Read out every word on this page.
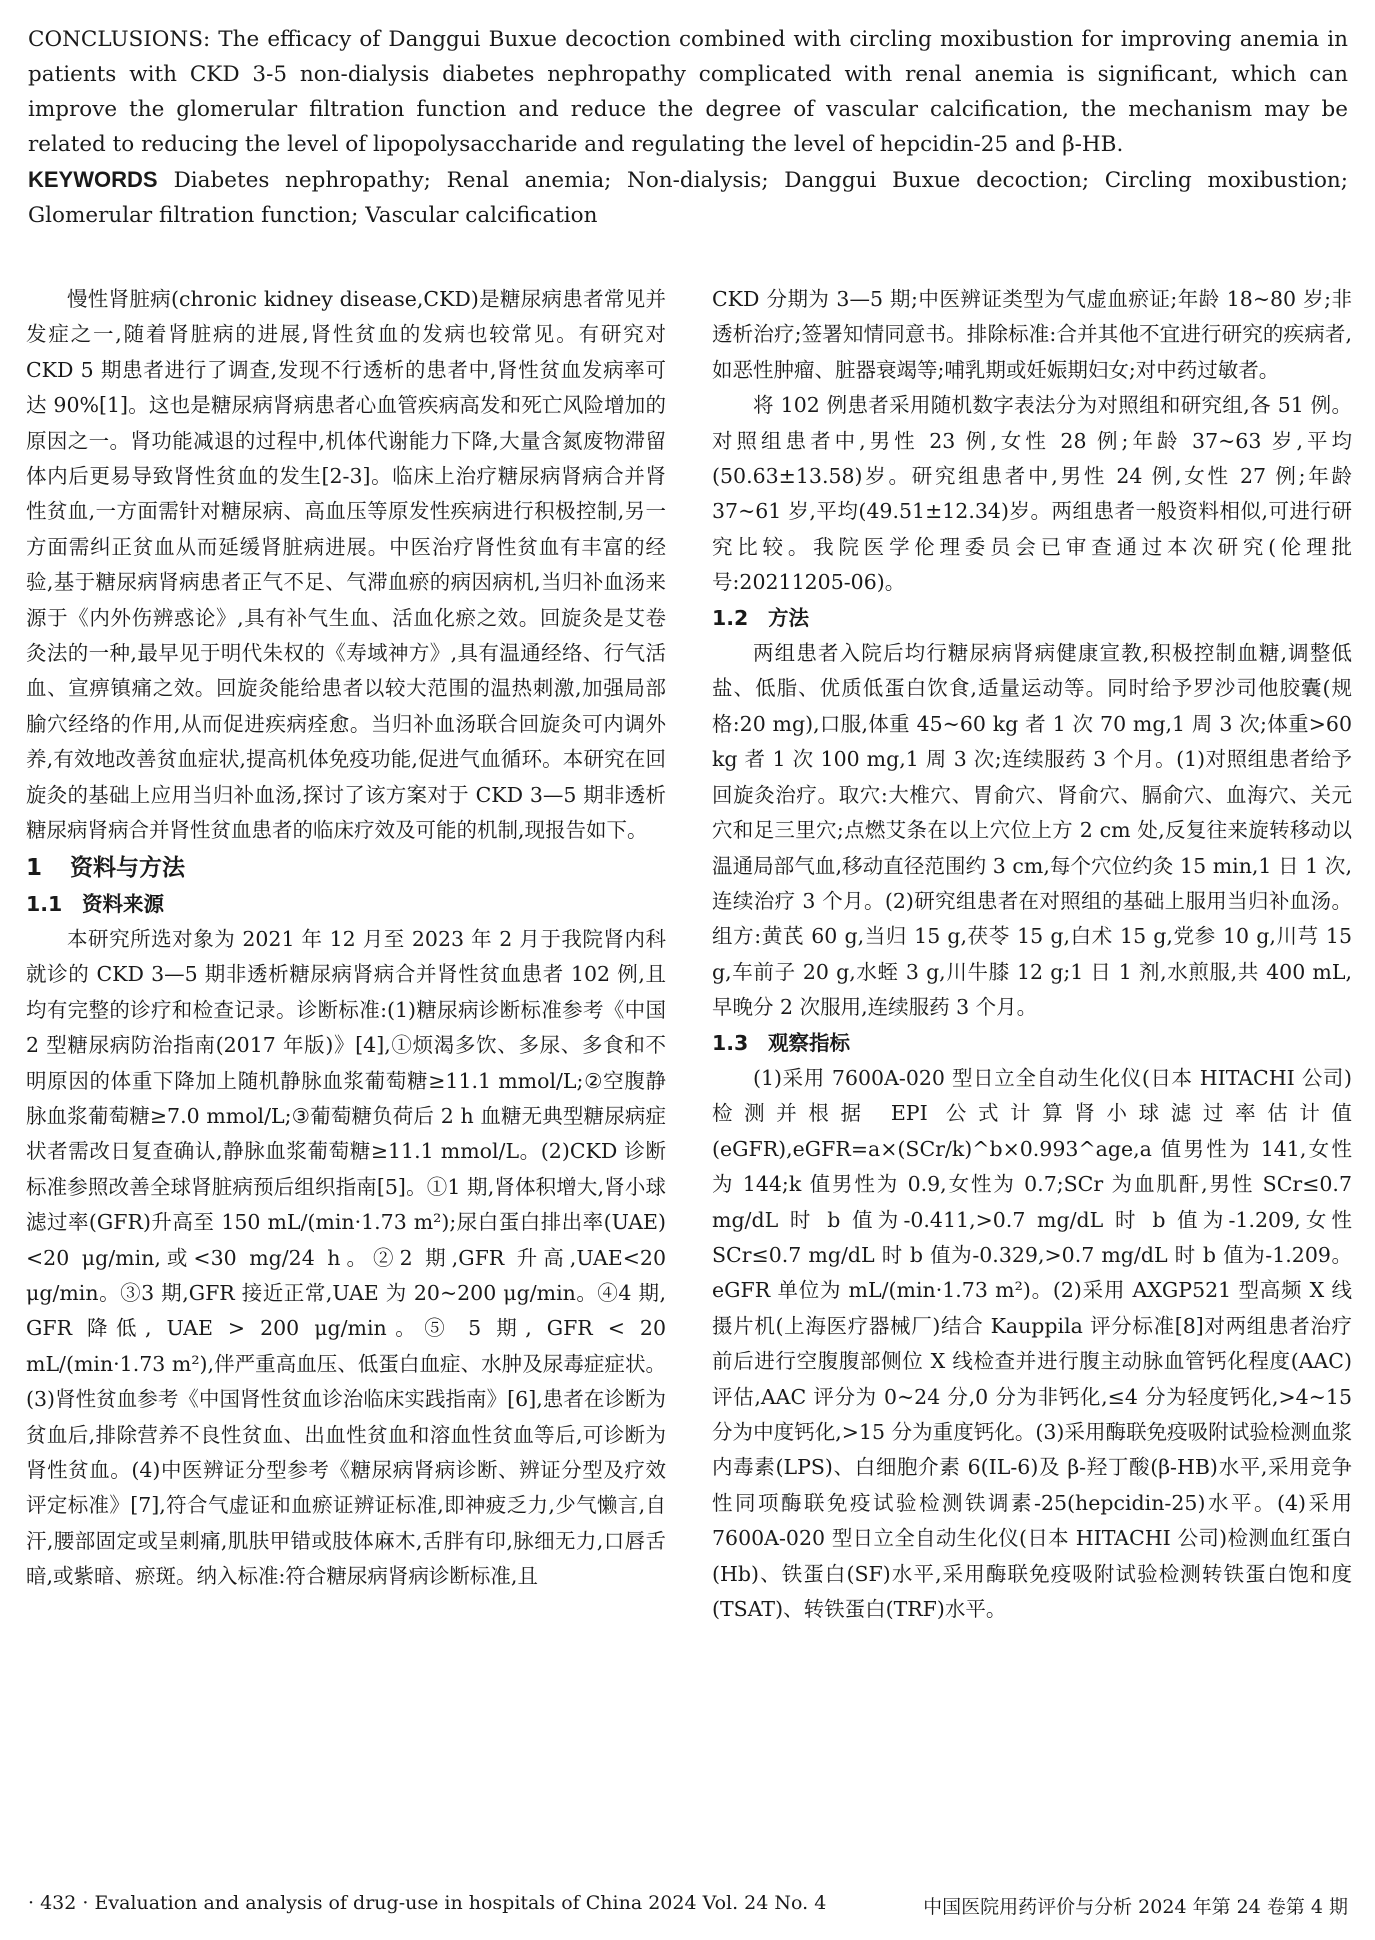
CONCLUSIONS: The efficacy of Danggui Buxue decoction combined with circling moxibustion for improving anemia in patients with CKD 3-5 non-dialysis diabetes nephropathy complicated with renal anemia is significant, which can improve the glomerular filtration function and reduce the degree of vascular calcification, the mechanism may be related to reducing the level of lipopolysaccharide and regulating the level of hepcidin-25 and β-HB.

KEYWORDS Diabetes nephropathy; Renal anemia; Non-dialysis; Danggui Buxue decoction; Circling moxibustion; Glomerular filtration function; Vascular calcification

慢性肾脏病(chronic kidney disease,CKD)是糖尿病患者常见并发症之一,随着肾脏病的进展,肾性贫血的发病也较常见。有研究对 CKD 5 期患者进行了调查,发现不行透析的患者中,肾性贫血发病率可达 90%[1]。这也是糖尿病肾病患者心血管疾病高发和死亡风险增加的原因之一。肾功能减退的过程中,机体代谢能力下降,大量含氮废物滞留体内后更易导致肾性贫血的发生[2-3]。临床上治疗糖尿病肾病合并肾性贫血,一方面需针对糖尿病、高血压等原发性疾病进行积极控制,另一方面需纠正贫血从而延缓肾脏病进展。中医治疗肾性贫血有丰富的经验,基于糖尿病肾病患者正气不足、气滞血瘀的病因病机,当归补血汤来源于《内外伤辨惑论》,具有补气生血、活血化瘀之效。回旋灸是艾卷灸法的一种,最早见于明代朱权的《寿域神方》,具有温通经络、行气活血、宣痹镇痛之效。回旋灸能给患者以较大范围的温热刺激,加强局部腧穴经络的作用,从而促进疾病痊愈。当归补血汤联合回旋灸可内调外养,有效地改善贫血症状,提高机体免疫功能,促进气血循环。本研究在回旋灸的基础上应用当归补血汤,探讨了该方案对于 CKD 3—5 期非透析糖尿病肾病合并肾性贫血患者的临床疗效及可能的机制,现报告如下。

1 资料与方法
1.1 资料来源

本研究所选对象为 2021 年 12 月至 2023 年 2 月于我院肾内科就诊的 CKD 3—5 期非透析糖尿病肾病合并肾性贫血患者 102 例,且均有完整的诊疗和检查记录。诊断标准:(1)糖尿病诊断标准参考《中国 2 型糖尿病防治指南(2017 年版)》[4],①烦渴多饮、多尿、多食和不明原因的体重下降加上随机静脉血浆葡萄糖≥11.1 mmol/L;②空腹静脉血浆葡萄糖≥7.0 mmol/L;③葡萄糖负荷后 2 h 血糖无典型糖尿病症状者需改日复查确认,静脉血浆葡萄糖≥11.1 mmol/L。(2)CKD 诊断标准参照改善全球肾脏病预后组织指南[5]。①1 期,肾体积增大,肾小球滤过率(GFR)升高至 150 mL/(min·1.73 m²);尿白蛋白排出率(UAE)<20 μg/min,或<30 mg/24 h。②2 期,GFR 升高,UAE<20 μg/min。③3 期,GFR 接近正常,UAE 为 20~200 μg/min。④4 期, GFR 降低, UAE > 200 μg/min。⑤ 5 期, GFR < 20 mL/(min·1.73 m²),伴严重高血压、低蛋白血症、水肿及尿毒症症状。(3)肾性贫血参考《中国肾性贫血诊治临床实践指南》[6],患者在诊断为贫血后,排除营养不良性贫血、出血性贫血和溶血性贫血等后,可诊断为肾性贫血。(4)中医辨证分型参考《糖尿病肾病诊断、辨证分型及疗效评定标准》[7],符合气虚证和血瘀证辨证标准,即神疲乏力,少气懒言,自汗,腰部固定或呈刺痛,肌肤甲错或肢体麻木,舌胖有印,脉细无力,口唇舌暗,或紫暗、瘀斑。纳入标准:符合糖尿病肾病诊断标准,且

CKD 分期为 3—5 期;中医辨证类型为气虚血瘀证;年龄 18~80 岁;非透析治疗;签署知情同意书。排除标准:合并其他不宜进行研究的疾病者,如恶性肿瘤、脏器衰竭等;哺乳期或妊娠期妇女;对中药过敏者。

将 102 例患者采用随机数字表法分为对照组和研究组,各 51 例。对照组患者中,男性 23 例,女性 28 例;年龄 37~63 岁,平均(50.63±13.58)岁。研究组患者中,男性 24 例,女性 27 例;年龄 37~61 岁,平均(49.51±12.34)岁。两组患者一般资料相似,可进行研究比较。我院医学伦理委员会已审查通过本次研究(伦理批号:20211205-06)。

1.2 方法

两组患者入院后均行糖尿病肾病健康宣教,积极控制血糖,调整低盐、低脂、优质低蛋白饮食,适量运动等。同时给予罗沙司他胶囊(规格:20 mg),口服,体重 45~60 kg 者 1 次 70 mg,1 周 3 次;体重>60 kg 者 1 次 100 mg,1 周 3 次;连续服药 3 个月。(1)对照组患者给予回旋灸治疗。取穴:大椎穴、胃俞穴、肾俞穴、膈俞穴、血海穴、关元穴和足三里穴;点燃艾条在以上穴位上方 2 cm 处,反复往来旋转移动以温通局部气血,移动直径范围约 3 cm,每个穴位约灸 15 min,1 日 1 次,连续治疗 3 个月。(2)研究组患者在对照组的基础上服用当归补血汤。组方:黄芪 60 g,当归 15 g,茯苓 15 g,白术 15 g,党参 10 g,川芎 15 g,车前子 20 g,水蛭 3 g,川牛膝 12 g;1 日 1 剂,水煎服,共 400 mL,早晚分 2 次服用,连续服药 3 个月。

1.3 观察指标

(1)采用 7600A-020 型日立全自动生化仪(日本 HITACHI 公司)检测并根据 EPI 公式计算肾小球滤过率估计值(eGFR),eGFR=a×(SCr/k)^b×0.993^age,a 值男性为 141,女性为 144;k 值男性为 0.9,女性为 0.7;SCr 为血肌酐,男性 SCr≤0.7 mg/dL 时 b 值为-0.411,>0.7 mg/dL 时 b 值为-1.209,女性 SCr≤0.7 mg/dL 时 b 值为-0.329,>0.7 mg/dL 时 b 值为-1.209。eGFR 单位为 mL/(min·1.73 m²)。(2)采用 AXGP521 型高频 X 线摄片机(上海医疗器械厂)结合 Kauppila 评分标准[8]对两组患者治疗前后进行空腹腹部侧位 X 线检查并进行腹主动脉血管钙化程度(AAC)评估,AAC 评分为 0~24 分,0 分为非钙化,≤4 分为轻度钙化,>4~15 分为中度钙化,>15 分为重度钙化。(3)采用酶联免疫吸附试验检测血浆内毒素(LPS)、白细胞介素 6(IL-6)及 β-羟丁酸(β-HB)水平,采用竞争性同项酶联免疫试验检测铁调素-25(hepcidin-25)水平。(4)采用 7600A-020 型日立全自动生化仪(日本 HITACHI 公司)检测血红蛋白(Hb)、铁蛋白(SF)水平,采用酶联免疫吸附试验检测转铁蛋白饱和度(TSAT)、转铁蛋白(TRF)水平。

· 432 · Evaluation and analysis of drug-use in hospitals of China 2024 Vol. 24 No. 4	中国医院用药评价与分析 2024 年第 24 卷第 4 期
